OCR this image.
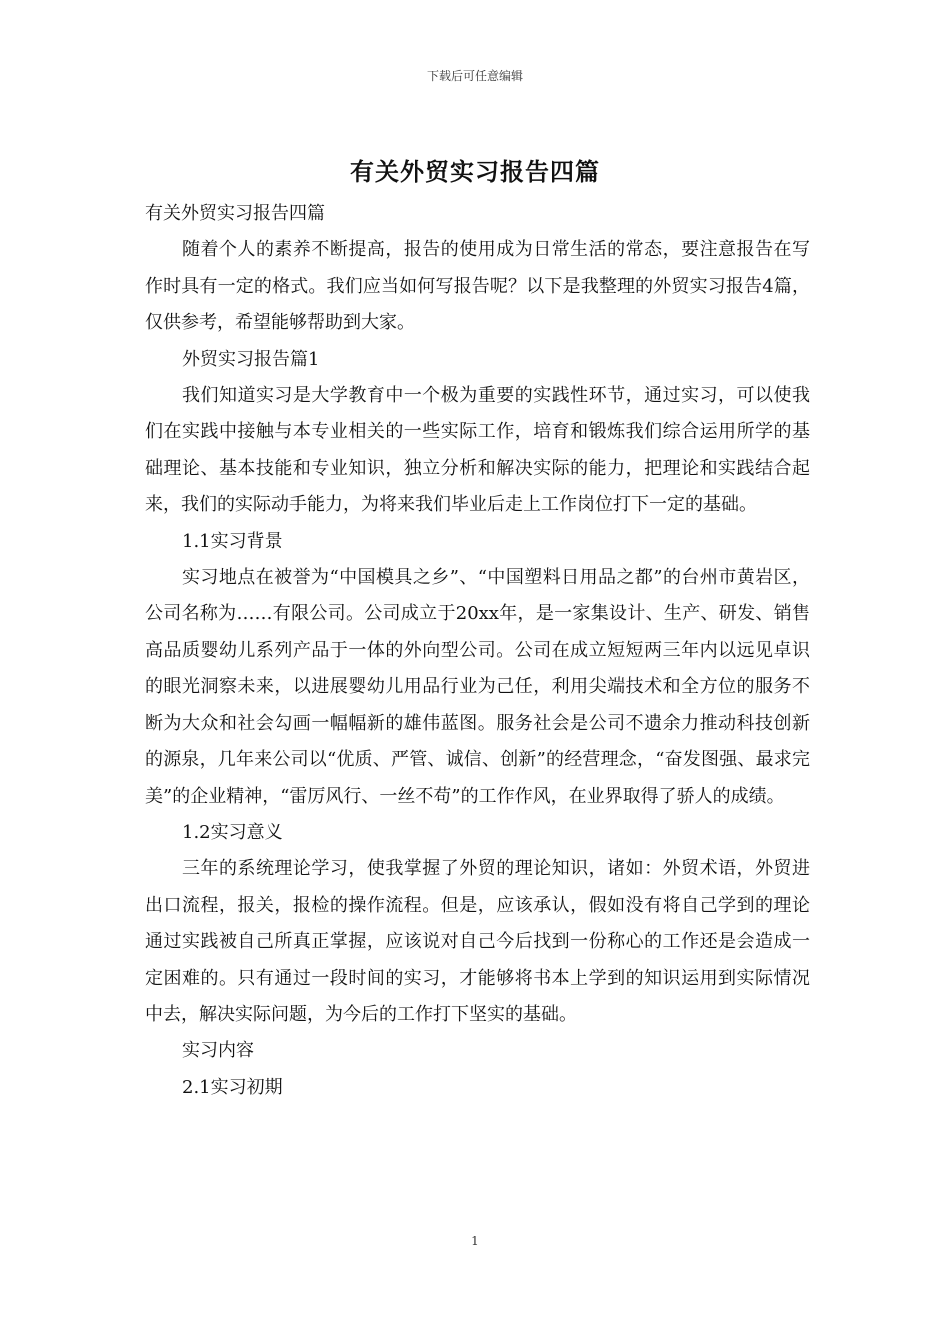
下载后可任意编辑
有关外贸实习报告四篇

有关外贸实习报告四篇

随着个人的素养不断提高，报告的使用成为日常生活的常态，要注意报告在写作时具有一定的格式。我们应当如何写报告呢？以下是我整理的外贸实习报告4篇，仅供参考，希望能够帮助到大家。

外贸实习报告篇1

我们知道实习是大学教育中一个极为重要的实践性环节，通过实习，可以使我们在实践中接触与本专业相关的一些实际工作，培育和锻炼我们综合运用所学的基础理论、基本技能和专业知识，独立分析和解决实际的能力，把理论和实践结合起来，我们的实际动手能力，为将来我们毕业后走上工作岗位打下一定的基础。

1.1实习背景

实习地点在被誉为“中国模具之乡”、“中国塑料日用品之都”的台州市黄岩区，公司名称为……有限公司。公司成立于20xx年，是一家集设计、生产、研发、销售高品质婴幼儿系列产品于一体的外向型公司。公司在成立短短两三年内以远见卓识的眼光洞察未来，以进展婴幼儿用品行业为己任，利用尖端技术和全方位的服务不断为大众和社会勾画一幅幅新的雄伟蓝图。服务社会是公司不遗余力推动科技创新的源泉，几年来公司以“优质、严管、诚信、创新”的经营理念，“奋发图强、最求完美”的企业精神，“雷厉风行、一丝不苟”的工作作风，在业界取得了骄人的成绩。

1.2实习意义

三年的系统理论学习，使我掌握了外贸的理论知识，诸如：外贸术语，外贸进出口流程，报关，报检的操作流程。但是，应该承认，假如没有将自己学到的理论通过实践被自己所真正掌握，应该说对自己今后找到一份称心的工作还是会造成一定困难的。只有通过一段时间的实习，才能够将书本上学到的知识运用到实际情况中去，解决实际问题，为今后的工作打下坚实的基础。

实习内容

2.1实习初期

1
